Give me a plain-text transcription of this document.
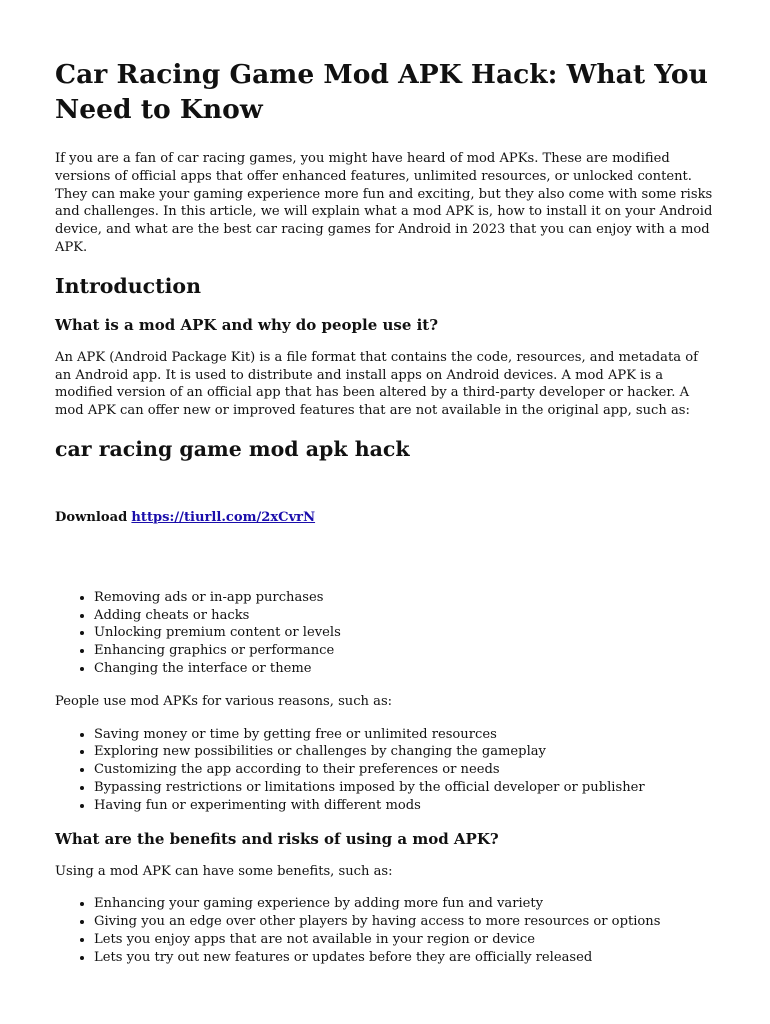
Car Racing Game Mod APK Hack: What You Need to Know

If you are a fan of car racing games, you might have heard of mod APKs. These are modified versions of official apps that offer enhanced features, unlimited resources, or unlocked content. They can make your gaming experience more fun and exciting, but they also come with some risks and challenges. In this article, we will explain what a mod APK is, how to install it on your Android device, and what are the best car racing games for Android in 2023 that you can enjoy with a mod APK.

Introduction
What is a mod APK and why do people use it?

An APK (Android Package Kit) is a file format that contains the code, resources, and metadata of an Android app. It is used to distribute and install apps on Android devices. A mod APK is a modified version of an official app that has been altered by a third-party developer or hacker. A mod APK can offer new or improved features that are not available in the original app, such as:

car racing game mod apk hack

Download https://tiurll.com/2xCvrN

• Removing ads or in-app purchases
• Adding cheats or hacks
• Unlocking premium content or levels
• Enhancing graphics or performance
• Changing the interface or theme

People use mod APKs for various reasons, such as:

• Saving money or time by getting free or unlimited resources
• Exploring new possibilities or challenges by changing the gameplay
• Customizing the app according to their preferences or needs
• Bypassing restrictions or limitations imposed by the official developer or publisher
• Having fun or experimenting with different mods
What are the benefits and risks of using a mod APK?

Using a mod APK can have some benefits, such as:

• Enhancing your gaming experience by adding more fun and variety
• Giving you an edge over other players by having access to more resources or options
• Lets you enjoy apps that are not available in your region or device
• Lets you try out new features or updates before they are officially released
